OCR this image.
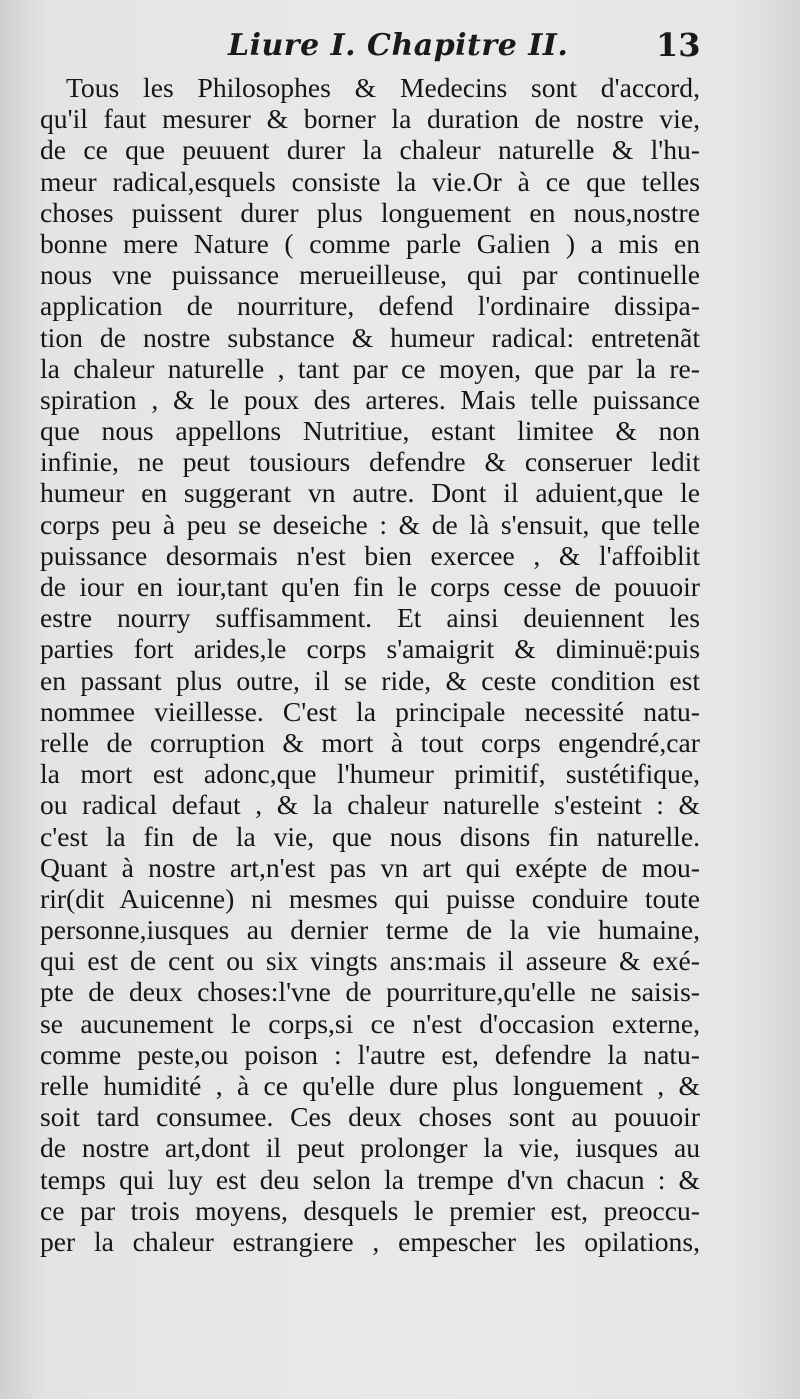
Liure I. Chapitre II.	13
Tous les Philosophes & Medecins sont d'accord,
qu'il faut mesurer & borner la duration de nostre vie,
de ce que peuuent durer la chaleur naturelle & l'hu-
meur radical,esquels consiste la vie.Or à ce que telles
choses puissent durer plus longuement en nous,nostre
bonne mere Nature ( comme parle Galien ) a mis en
nous vne puissance merueilleuse, qui par continuelle
application de nourriture, defend l'ordinaire dissipa-
tion de nostre substance & humeur radical: entretenãt
la chaleur naturelle , tant par ce moyen, que par la re-
spiration , & le poux des arteres. Mais telle puissance
que nous appellons Nutritiue, estant limitee & non
infinie, ne peut tousiours defendre & conseruer ledit
humeur en suggerant vn autre. Dont il aduient,que le
corps peu à peu se deseiche : & de là s'ensuit, que telle
puissance desormais n'est bien exercee , & l'affoiblit
de iour en iour,tant qu'en fin le corps cesse de pouuoir
estre nourry suffisamment. Et ainsi deuiennent les
parties fort arides,le corps s'amaigrit & diminuë:puis
en passant plus outre, il se ride, & ceste condition est
nommee vieillesse. C'est la principale necessité natu-
relle de corruption & mort à tout corps engendré,car
la mort est adonc,que l'humeur primitif, sustétifique,
ou radical defaut , & la chaleur naturelle s'esteint : &
c'est la fin de la vie, que nous disons fin naturelle.
Quant à nostre art,n'est pas vn art qui exépte de mou-
rir(dit Auicenne) ni mesmes qui puisse conduire toute
personne,iusques au dernier terme de la vie humaine,
qui est de cent ou six vingts ans:mais il asseure & exé-
pte de deux choses:l'vne de pourriture,qu'elle ne saisis-
se aucunement le corps,si ce n'est d'occasion externe,
comme peste,ou poison : l'autre est, defendre la natu-
relle humidité , à ce qu'elle dure plus longuement , &
soit tard consumee. Ces deux choses sont au pouuoir
de nostre art,dont il peut prolonger la vie, iusques au
temps qui luy est deu selon la trempe d'vn chacun : &
ce par trois moyens, desquels le premier est, preoccu-
per la chaleur estrangiere , empescher les opilations,
